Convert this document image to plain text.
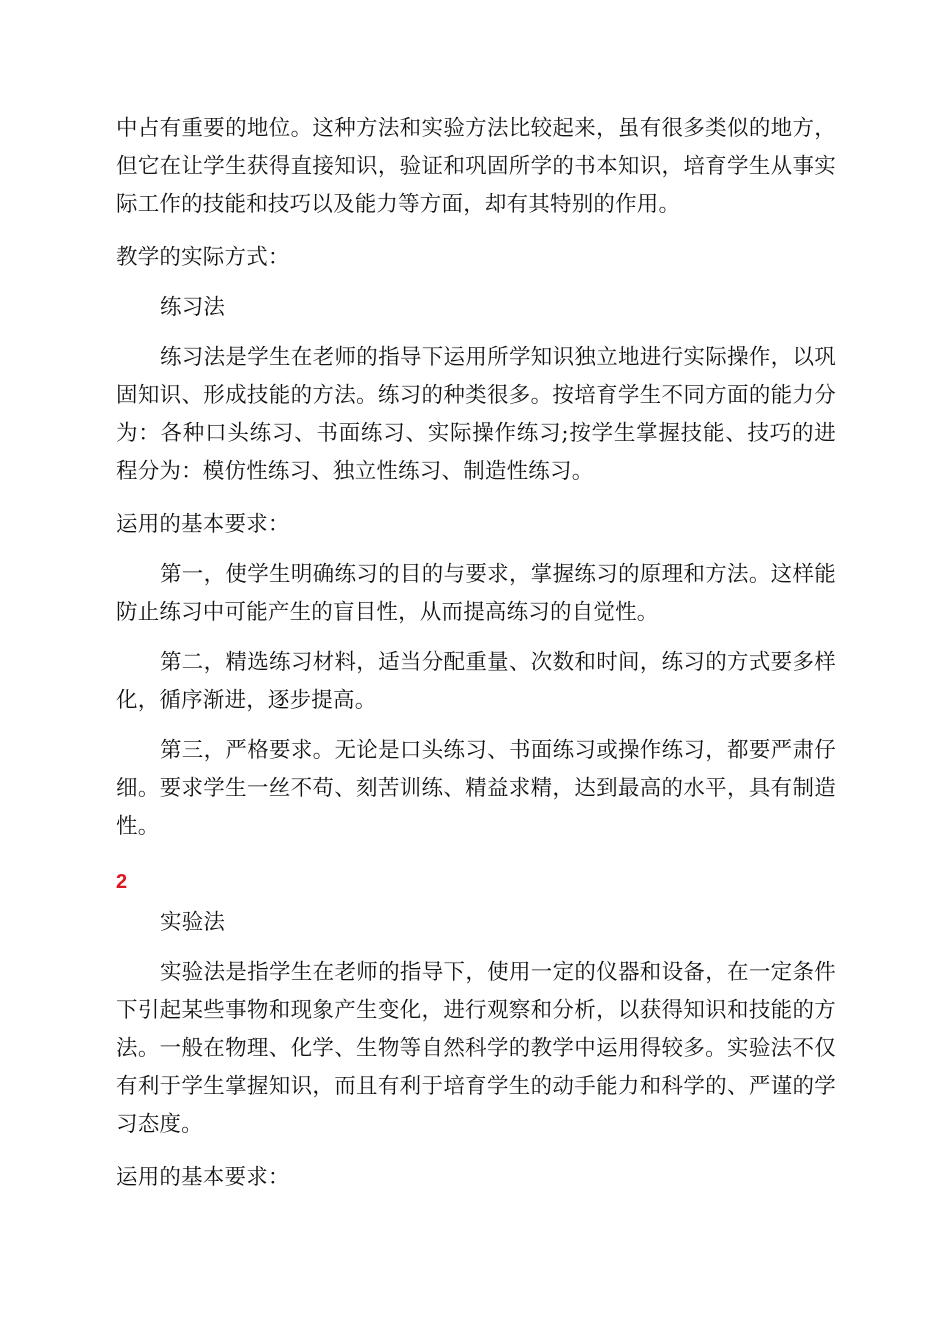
中占有重要的地位。这种方法和实验方法比较起来，虽有很多类似的地方，但它在让学生获得直接知识，验证和巩固所学的书本知识，培育学生从事实际工作的技能和技巧以及能力等方面，却有其特别的作用。

教学的实际方式：

练习法

练习法是学生在老师的指导下运用所学知识独立地进行实际操作，以巩固知识、形成技能的方法。练习的种类很多。按培育学生不同方面的能力分为：各种口头练习、书面练习、实际操作练习;按学生掌握技能、技巧的进程分为：模仿性练习、独立性练习、制造性练习。

运用的基本要求：

第一，使学生明确练习的目的与要求，掌握练习的原理和方法。这样能防止练习中可能产生的盲目性，从而提高练习的自觉性。

第二，精选练习材料，适当分配重量、次数和时间，练习的方式要多样化，循序渐进，逐步提高。

第三，严格要求。无论是口头练习、书面练习或操作练习，都要严肃仔细。要求学生一丝不苟、刻苦训练、精益求精，达到最高的水平，具有制造性。

2

实验法

实验法是指学生在老师的指导下，使用一定的仪器和设备，在一定条件下引起某些事物和现象产生变化，进行观察和分析，以获得知识和技能的方法。一般在物理、化学、生物等自然科学的教学中运用得较多。实验法不仅有利于学生掌握知识，而且有利于培育学生的动手能力和科学的、严谨的学习态度。

运用的基本要求：
